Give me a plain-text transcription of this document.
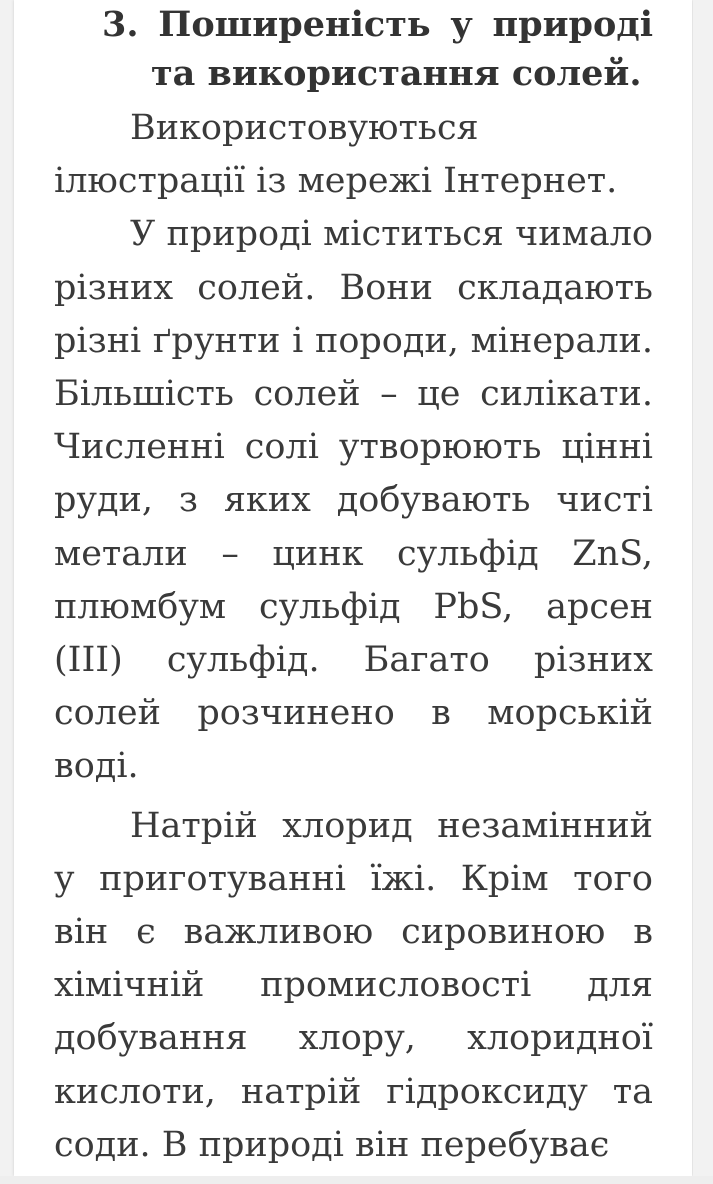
3. Поширеність у природі
та використання солей.

Використовуються ілюстрації із мережі Інтернет.

У природі міститься чимало різних солей. Вони складають різні ґрунти і породи, мінерали. Більшість солей – це силікати. Численні солі утворюють цінні руди, з яких добувають чисті метали – цинк сульфід ZnS, плюмбум сульфід PbS, арсен (III) сульфід. Багато різних солей розчинено в морській воді.

Натрій хлорид незамінний у приготуванні їжі. Крім того він є важливою сировиною в хімічній промисловості для добування хлору, хлоридної кислоти, натрій гідроксиду та соди. В природі він перебуває
